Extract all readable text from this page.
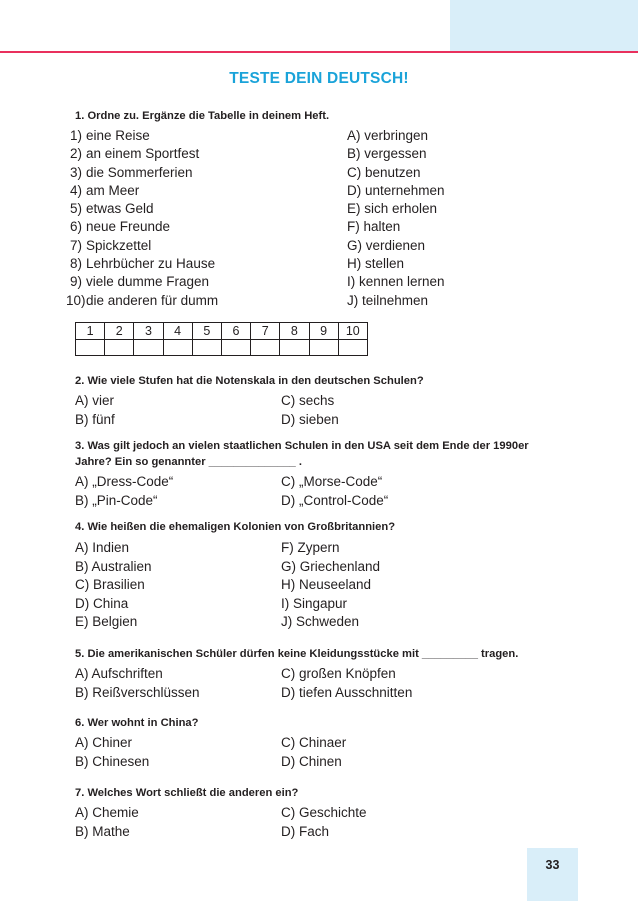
TESTE DEIN DEUTSCH!

1. Ordne zu. Ergänze die Tabelle in deinem Heft.

1) eine Reise	A) verbringen
2) an einem Sportfest	B) vergessen
3) die Sommerferien	C) benutzen
4) am Meer	D) unternehmen
5) etwas Geld	E) sich erholen
6) neue Freunde	F) halten
7) Spickzettel	G) verdienen
8) Lehrbücher zu Hause	H) stellen
9) viele dumme Fragen	I) kennen lernen
10) die anderen für dumm	J) teilnehmen
1	2	3	4	5	6	7	8	9	10

2. Wie viele Stufen hat die Notenskala in den deutschen Schulen?

A) vier	C) sechs
B) fünf	D) sieben

3. Was gilt jedoch an vielen staatlichen Schulen in den USA seit dem Ende der 1990er

Jahre? Ein so genannter ______________ .

A) „Dress-Code“	C) „Morse-Code“
B) „Pin-Code“	D) „Control-Code“

4. Wie heißen die ehemaligen Kolonien von Großbritannien?

A) Indien	F) Zypern
B) Australien	G) Griechenland
C) Brasilien	H) Neuseeland
D) China	I) Singapur
E) Belgien	J) Schweden

5. Die amerikanischen Schüler dürfen keine Kleidungsstücke mit _________ tragen.

A) Aufschriften	C) großen Knöpfen
B) Reißverschlüssen	D) tiefen Ausschnitten

6. Wer wohnt in China?

A) Chiner	C) Chinaer
B) Chinesen	D) Chinen

7. Welches Wort schließt die anderen ein?

A) Chemie	C) Geschichte
B) Mathe	D) Fach
33
